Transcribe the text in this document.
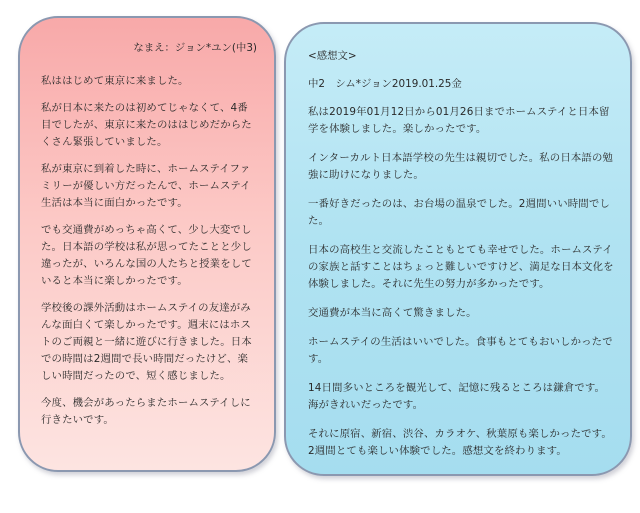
なまえ：ジョン*ユン(中3)

私ははじめて東京に来ました。

私が日本に来たのは初めてじゃなくて、4番目でしたが、東京に来たのははじめだからたくさん緊張していました。

私が東京に到着した時に、ホームステイファミリーが優しい方だったんで、ホームステイ生活は本当に面白かったです。

でも交通費がめっちゃ高くて、少し大変でした。日本語の学校は私が思ってたことと少し違ったが、いろんな国の人たちと授業をしていると本当に楽しかったです。

学校後の課外活動はホームステイの友達がみんな面白くて楽しかったです。週末にはホストのご両親と一緒に遊びに行きました。日本での時間は2週間で長い時間だったけど、楽しい時間だったので、短く感じました。

今度、機会があったらまたホームステイしに行きたいです。

<感想文>

中2　シム*ジョン2019.01.25金

私は2019年01月12日から01月26日までホームステイと日本留学を体験しました。楽しかったです。

インターカルト日本語学校の先生は親切でした。私の日本語の勉強に助けになりました。

一番好きだったのは、お台場の温泉でした。2週間いい時間でした。

日本の高校生と交流したこともとても幸せでした。ホームステイの家族と話すことはちょっと難しいですけど、満足な日本文化を体験しました。それに先生の努力が多かったです。

交通費が本当に高くて驚きました。

ホームステイの生活はいいでした。食事もとてもおいしかったです。

14日間多いところを観光して、記憶に残るところは鎌倉です。海がきれいだったです。

それに原宿、新宿、渋谷、カラオケ、秋葉原も楽しかったです。2週間とても楽しい体験でした。感想文を終わります。
